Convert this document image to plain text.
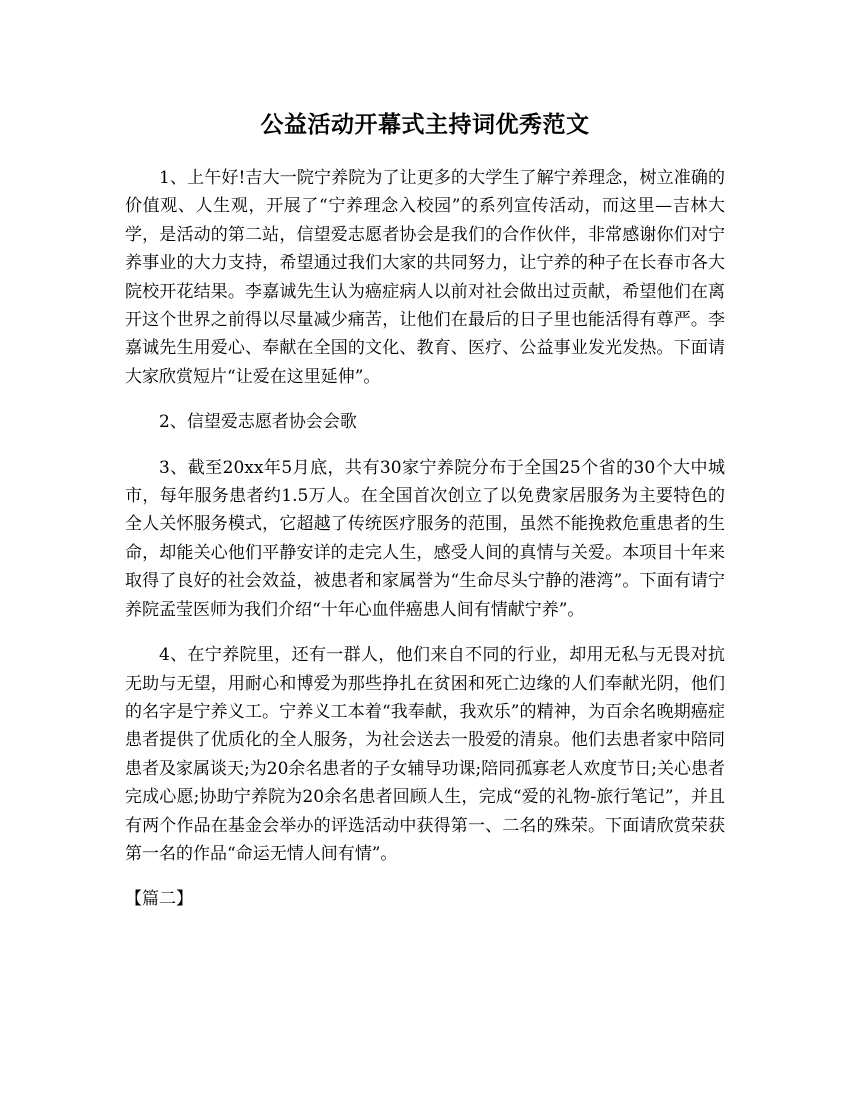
公益活动开幕式主持词优秀范文

1、上午好!吉大一院宁养院为了让更多的大学生了解宁养理念，树立准确的价值观、人生观，开展了“宁养理念入校园”的系列宣传活动，而这里—吉林大学，是活动的第二站，信望爱志愿者协会是我们的合作伙伴，非常感谢你们对宁养事业的大力支持，希望通过我们大家的共同努力，让宁养的种子在长春市各大院校开花结果。李嘉诚先生认为癌症病人以前对社会做出过贡献，希望他们在离开这个世界之前得以尽量减少痛苦，让他们在最后的日子里也能活得有尊严。李嘉诚先生用爱心、奉献在全国的文化、教育、医疗、公益事业发光发热。下面请大家欣赏短片“让爱在这里延伸”。

2、信望爱志愿者协会会歌

3、截至20xx年5月底，共有30家宁养院分布于全国25个省的30个大中城市，每年服务患者约1.5万人。在全国首次创立了以免费家居服务为主要特色的全人关怀服务模式，它超越了传统医疗服务的范围，虽然不能挽救危重患者的生命，却能关心他们平静安详的走完人生，感受人间的真情与关爱。本项目十年来取得了良好的社会效益，被患者和家属誉为“生命尽头宁静的港湾”。下面有请宁养院孟莹医师为我们介绍“十年心血伴癌患人间有情献宁养”。

4、在宁养院里，还有一群人，他们来自不同的行业，却用无私与无畏对抗无助与无望，用耐心和博爱为那些挣扎在贫困和死亡边缘的人们奉献光阴，他们的名字是宁养义工。宁养义工本着“我奉献，我欢乐”的精神，为百余名晚期癌症患者提供了优质化的全人服务，为社会送去一股爱的清泉。他们去患者家中陪同患者及家属谈天;为20余名患者的子女辅导功课;陪同孤寡老人欢度节日;关心患者完成心愿;协助宁养院为20余名患者回顾人生，完成“爱的礼物-旅行笔记”，并且有两个作品在基金会举办的评选活动中获得第一、二名的殊荣。下面请欣赏荣获第一名的作品“命运无情人间有情”。

【篇二】
